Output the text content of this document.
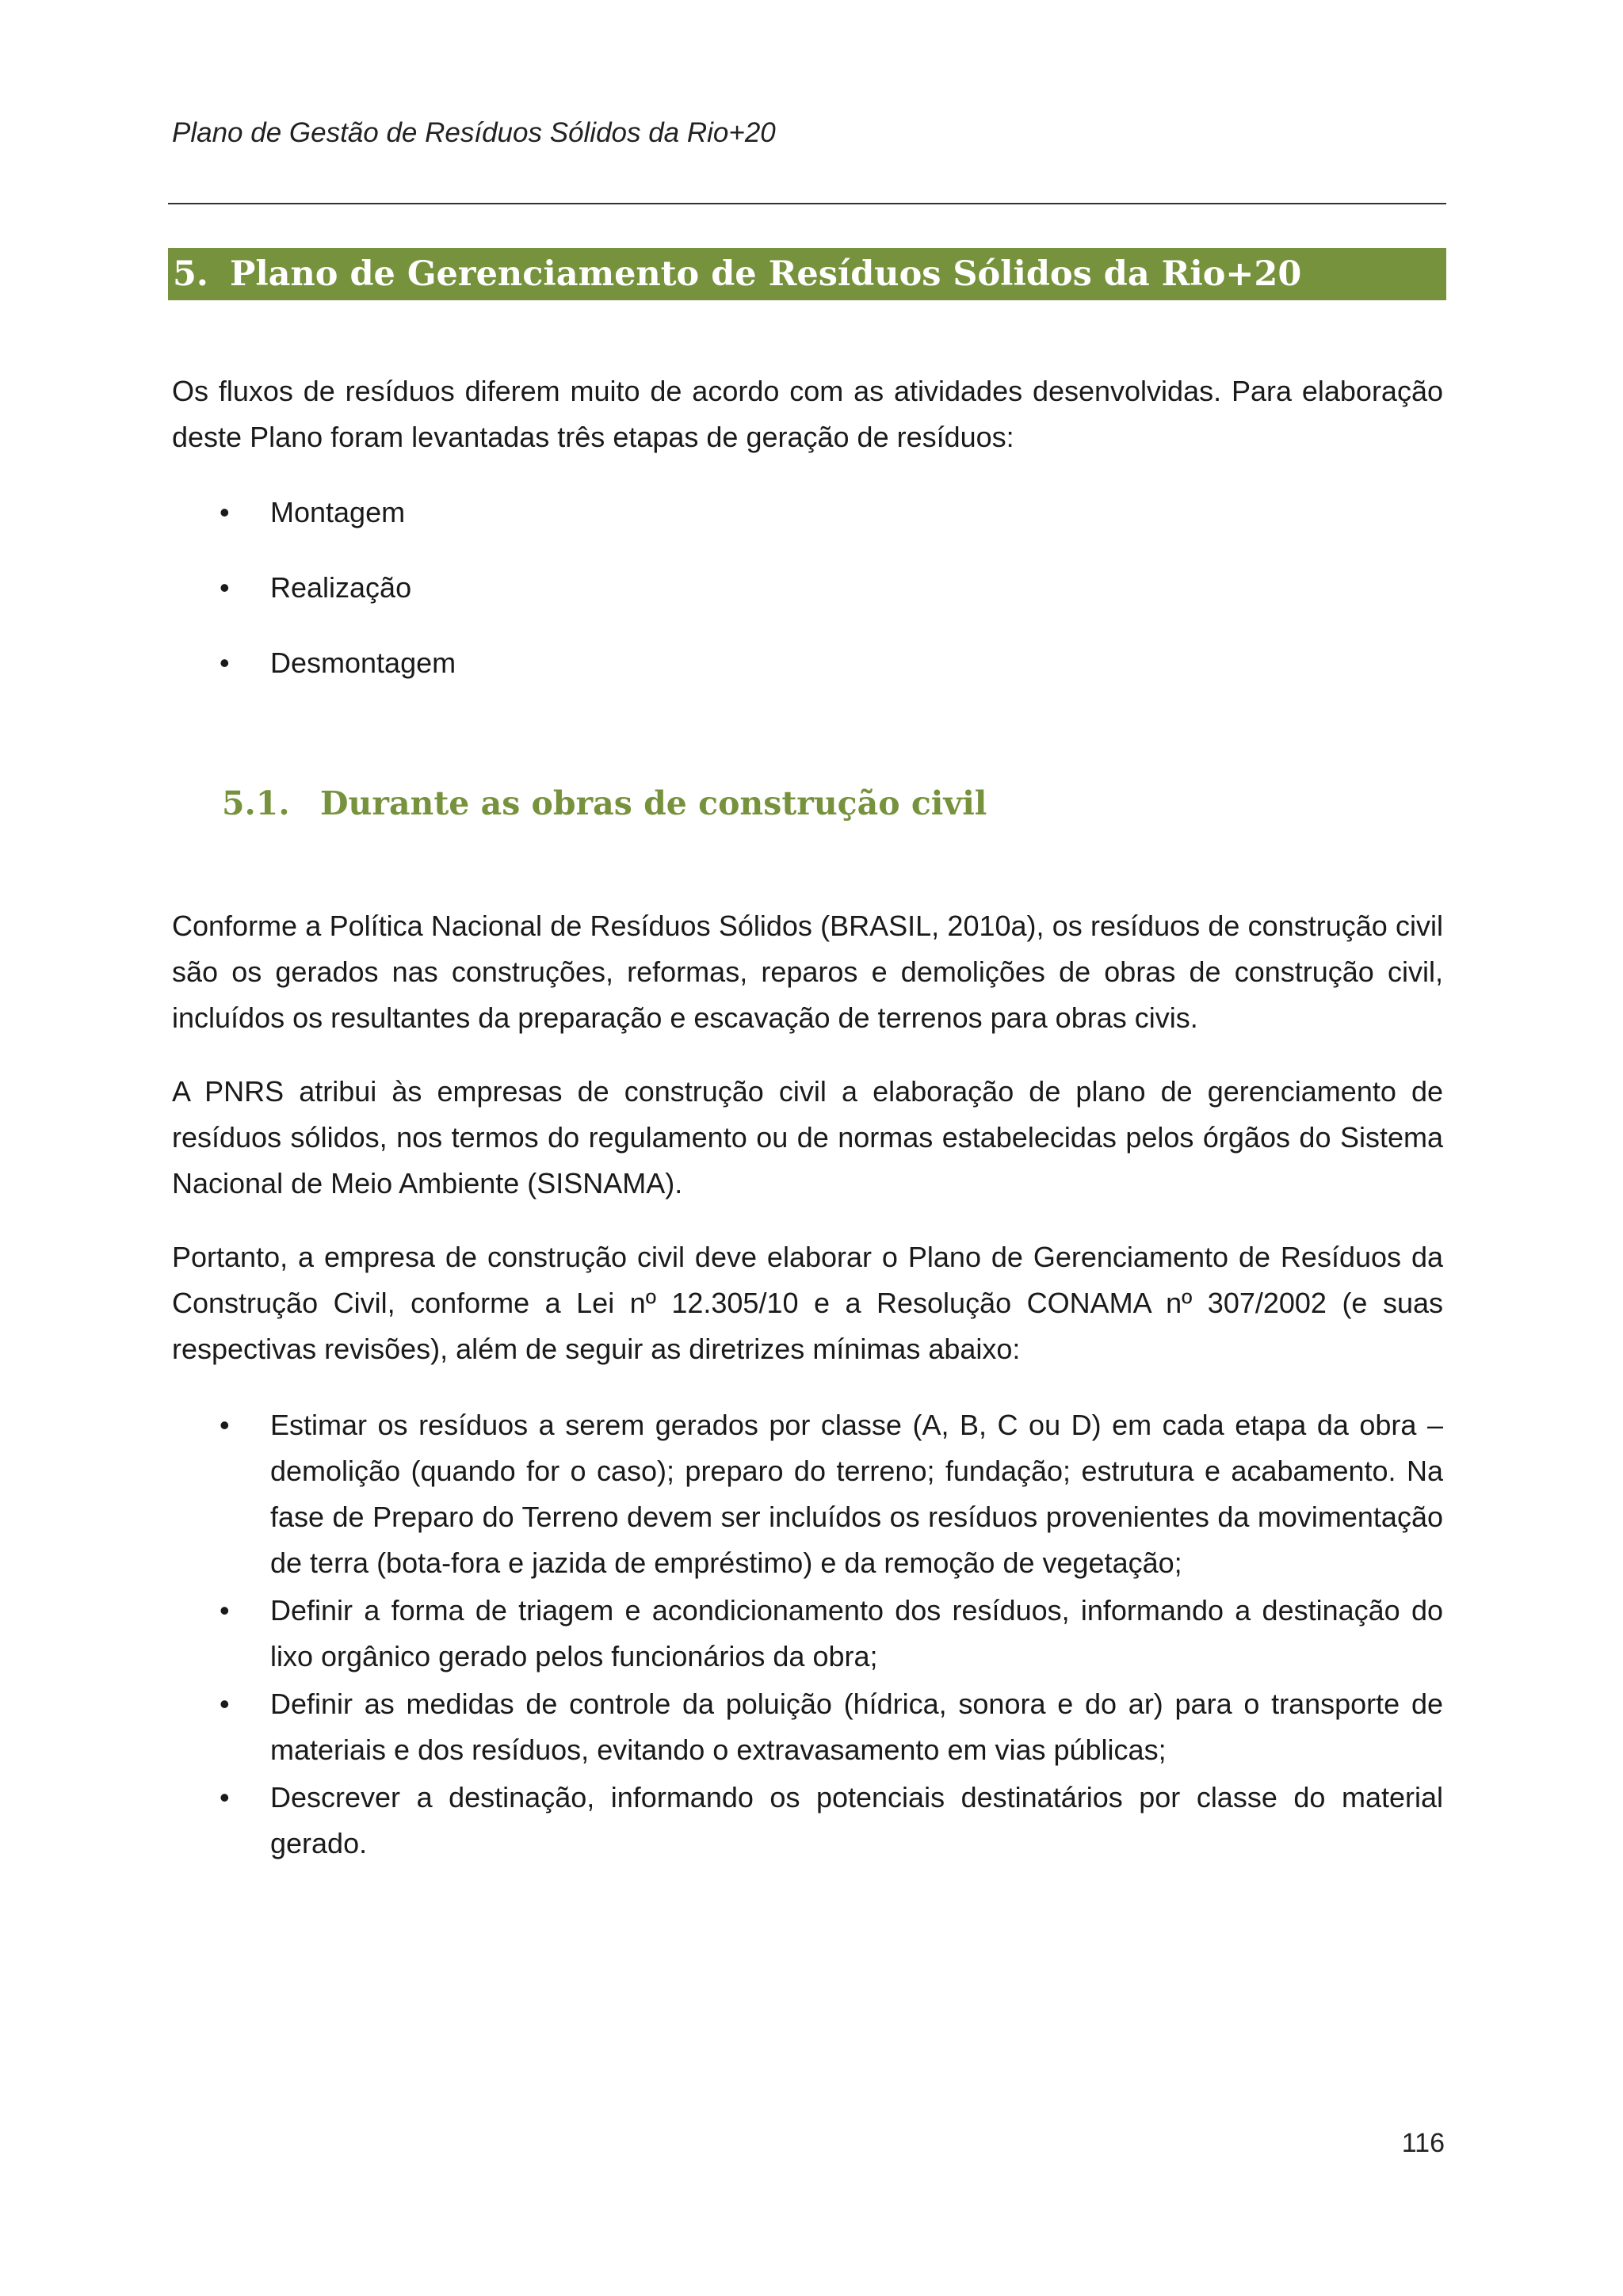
Plano de Gestão de Resíduos Sólidos da Rio+20
5. Plano de Gerenciamento de Resíduos Sólidos da Rio+20

Os fluxos de resíduos diferem muito de acordo com as atividades desenvolvidas. Para elaboração deste Plano foram levantadas três etapas de geração de resíduos:

• Montagem
• Realização
• Desmontagem
5.1. Durante as obras de construção civil

Conforme a Política Nacional de Resíduos Sólidos (BRASIL, 2010a), os resíduos de construção civil são os gerados nas construções, reformas, reparos e demolições de obras de construção civil, incluídos os resultantes da preparação e escavação de terrenos para obras civis.

A PNRS atribui às empresas de construção civil a elaboração de plano de gerenciamento de resíduos sólidos, nos termos do regulamento ou de normas estabelecidas pelos órgãos do Sistema Nacional de Meio Ambiente (SISNAMA).

Portanto, a empresa de construção civil deve elaborar o Plano de Gerenciamento de Resíduos da Construção Civil, conforme a Lei nº 12.305/10 e a Resolução CONAMA nº 307/2002 (e suas respectivas revisões), além de seguir as diretrizes mínimas abaixo:

• Estimar os resíduos a serem gerados por classe (A, B, C ou D) em cada etapa da obra – demolição (quando for o caso); preparo do terreno; fundação; estrutura e acabamento. Na fase de Preparo do Terreno devem ser incluídos os resíduos provenientes da movimentação de terra (bota-fora e jazida de empréstimo) e da remoção de vegetação;
• Definir a forma de triagem e acondicionamento dos resíduos, informando a destinação do lixo orgânico gerado pelos funcionários da obra;
• Definir as medidas de controle da poluição (hídrica, sonora e do ar) para o transporte de materiais e dos resíduos, evitando o extravasamento em vias públicas;
• Descrever a destinação, informando os potenciais destinatários por classe do material gerado.
116
